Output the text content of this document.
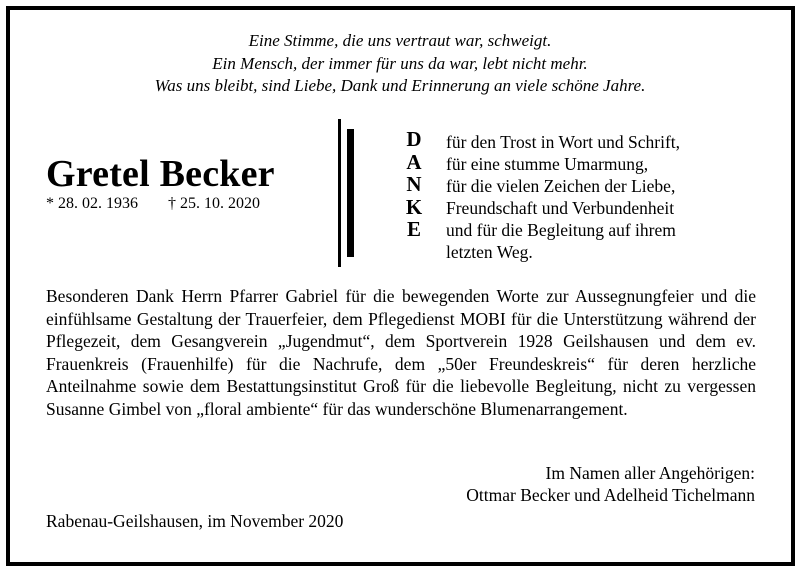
Eine Stimme, die uns vertraut war, schweigt.
Ein Mensch, der immer für uns da war, lebt nicht mehr.
Was uns bleibt, sind Liebe, Dank und Erinnerung an viele schöne Jahre.
Gretel Becker
* 28. 02. 1936 † 25. 10. 2020
D
A
N
K
E
für den Trost in Wort und Schrift,
für eine stumme Umarmung,
für die vielen Zeichen der Liebe,
Freundschaft und Verbundenheit
und für die Begleitung auf ihrem
letzten Weg.
Besonderen Dank Herrn Pfarrer Gabriel für die bewegenden Worte zur Aussegnungfeier und die einfühlsame Gestaltung der Trauerfeier, dem Pflegedienst MOBI für die Unterstützung während der Pflegezeit, dem Gesangverein „Jugendmut“, dem Sportverein 1928 Geilshausen und dem ev. Frauenkreis (Frauenhilfe) für die Nachrufe, dem „50er Freundeskreis“ für deren herzliche Anteilnahme sowie dem Bestattungsinstitut Groß für die liebevolle Begleitung, nicht zu vergessen Susanne Gimbel von „floral ambiente“ für das wunderschöne Blumenarrangement.
Im Namen aller Angehörigen:
Ottmar Becker und Adelheid Tichelmann
Rabenau-Geilshausen, im November 2020
